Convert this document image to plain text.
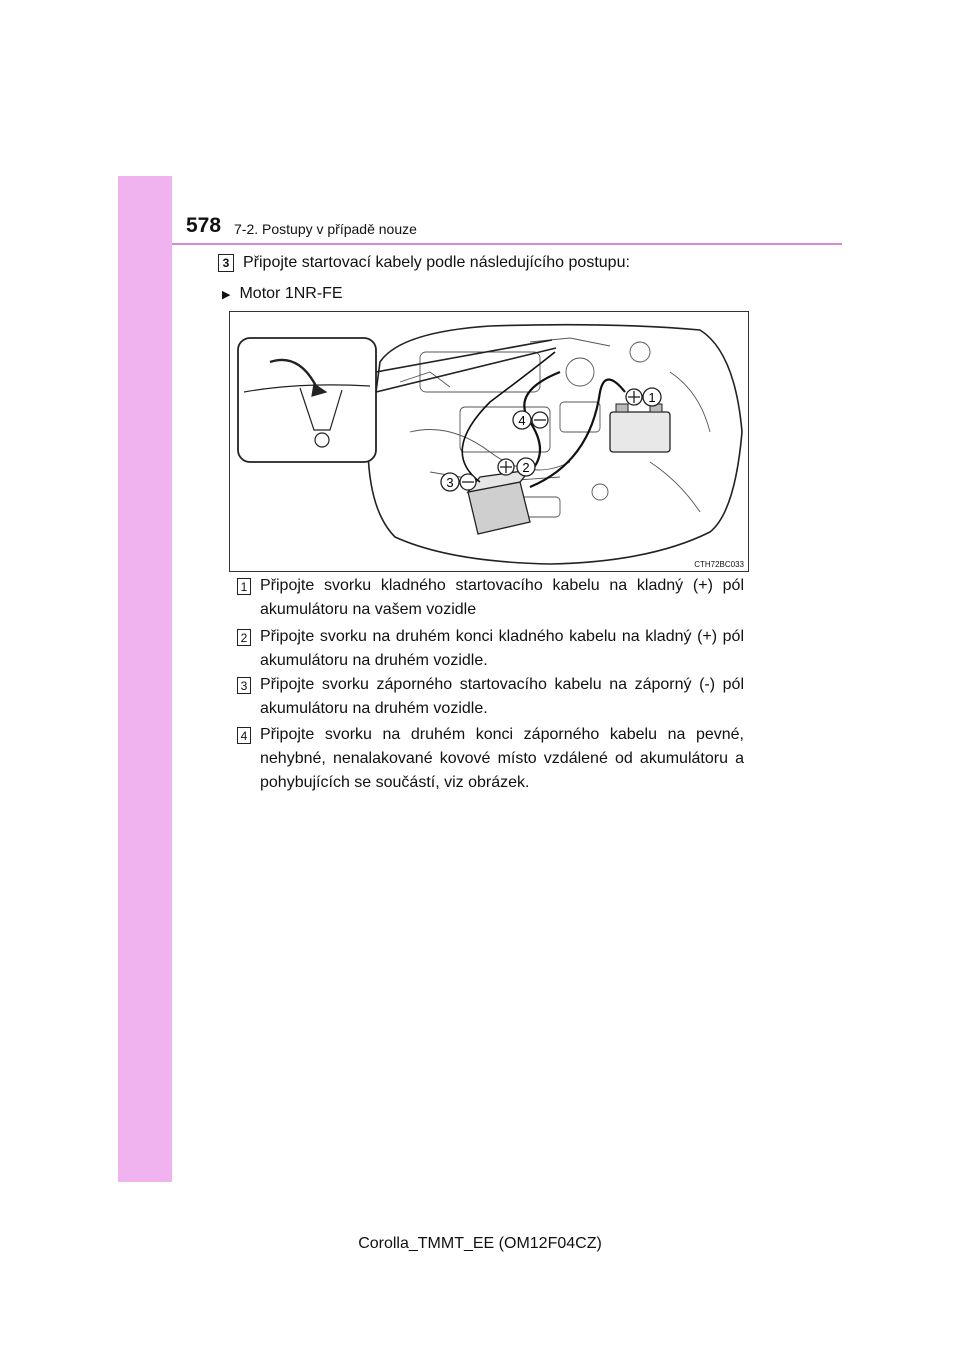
578 7-2. Postupy v případě nouze
3 Připojte startovací kabely podle následujícího postupu:
▶ Motor 1NR-FE
1
4
2
3
CTH72BC033
1 Připojte svorku kladného startovacího kabelu na kladný (+) pól akumulátoru na vašem vozidle
2 Připojte svorku na druhém konci kladného kabelu na kladný (+) pól akumulátoru na druhém vozidle.
3 Připojte svorku záporného startovacího kabelu na záporný (-) pól akumulátoru na druhém vozidle.
4 Připojte svorku na druhém konci záporného kabelu na pevné, nehybné, nenalakované kovové místo vzdálené od akumulátoru a pohybujících se součástí, viz obrázek.
Corolla_TMMT_EE (OM12F04CZ)
